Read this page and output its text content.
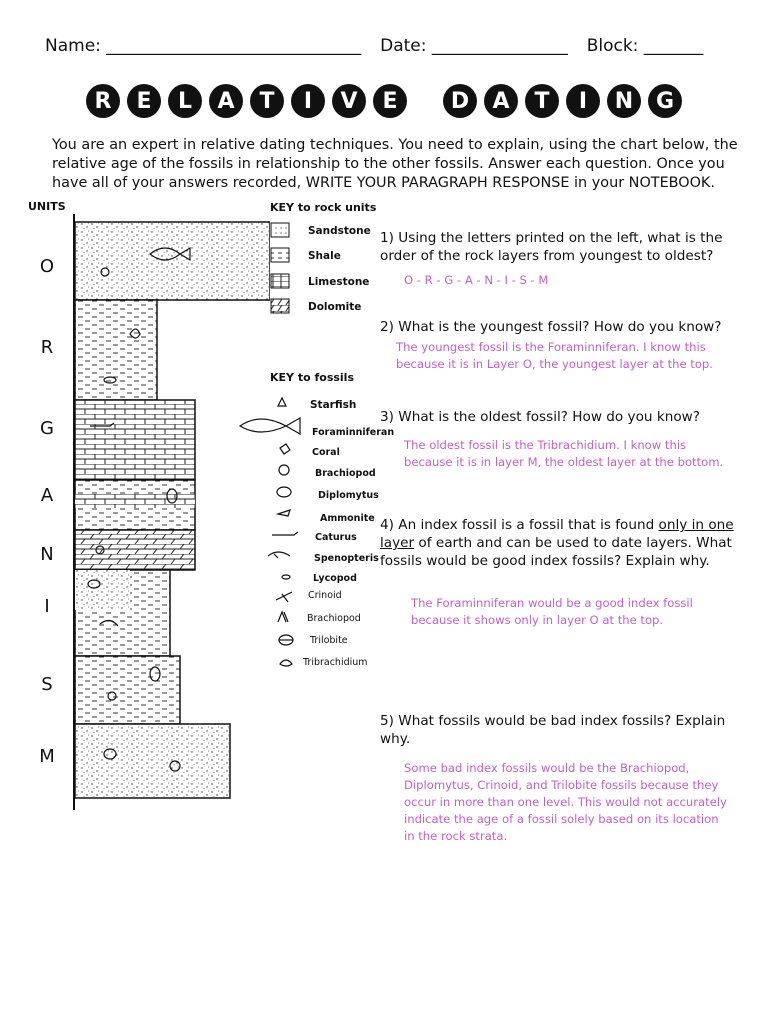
Name: ______________________________ Date: ________________ Block: _______
R	E	L	A	T	I	V	E	D	A	T	I	N	G
You are an expert in relative dating techniques. You need to explain, using the chart below, the relative age of the fossils in relationship to the other fossils. Answer each question. Once you have all of your answers recorded, WRITE YOUR PARAGRAPH RESPONSE in your NOTEBOOK.
UNITS
O
R
G
A
N
I
S
M
KEY to rock units
Sandstone
Shale
Limestone
Dolomite
KEY to fossils
Starfish
Foraminniferan
Coral
Brachiopod
Diplomytus
Ammonite
Caturus
Spenopteris
Lycopod
Crinoid
Brachiopod
Trilobite
Tribrachidium
1) Using the letters printed on the left, what is the order of the rock layers from youngest to oldest?
O - R - G - A - N - I - S - M
2) What is the youngest fossil? How do you know?
The youngest fossil is the Foraminniferan. I know this because it is in Layer O, the youngest layer at the top.
3) What is the oldest fossil? How do you know?
The oldest fossil is the Tribrachidium. I know this because it is in layer M, the oldest layer at the bottom.
4) An index fossil is a fossil that is found only in one layer of earth and can be used to date layers. What fossils would be good index fossils? Explain why.
The Foraminniferan would be a good index fossil because it shows only in layer O at the top.
5) What fossils would be bad index fossils? Explain why.
Some bad index fossils would be the Brachiopod, Diplomytus, Crinoid, and Trilobite fossils because they occur in more than one level. This would not accurately indicate the age of a fossil solely based on its location in the rock strata.
